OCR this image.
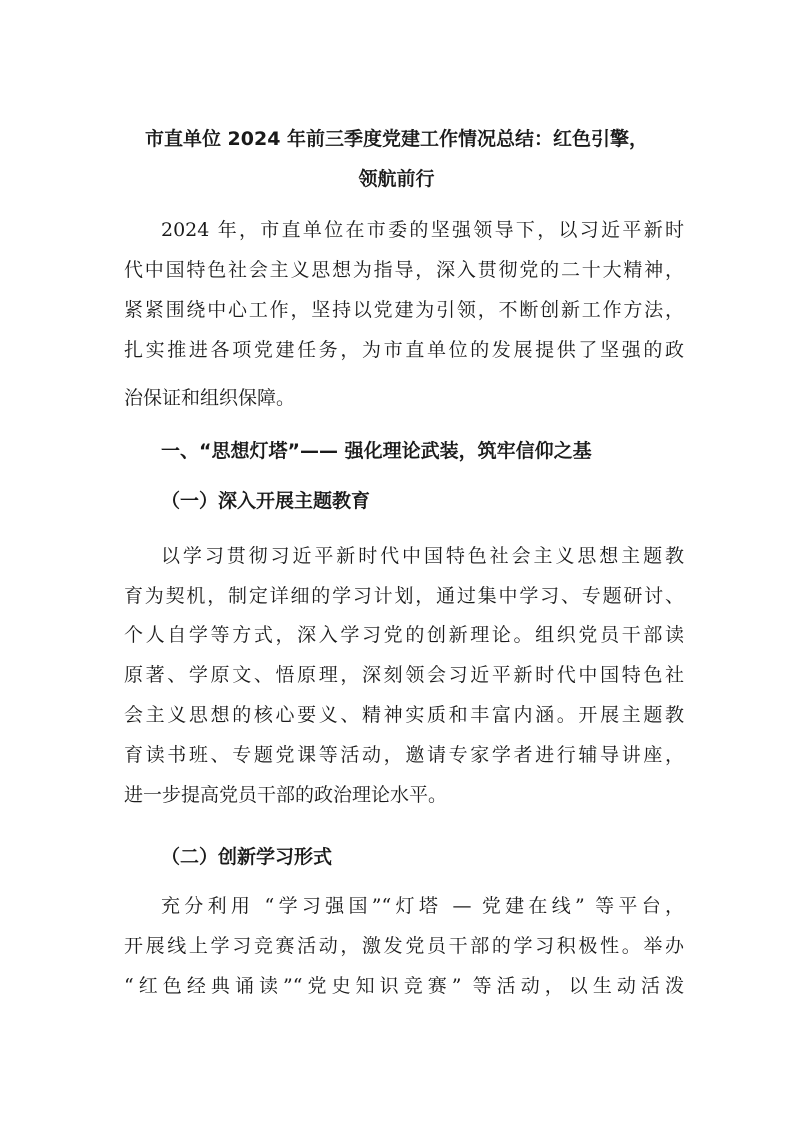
市直单位 2024 年前三季度党建工作情况总结：红色引擎，
领航前行
2024 年，市直单位在市委的坚强领导下，以习近平新时
代中国特色社会主义思想为指导，深入贯彻党的二十大精神，
紧紧围绕中心工作，坚持以党建为引领，不断创新工作方法，
扎实推进各项党建任务，为市直单位的发展提供了坚强的政
治保证和组织保障。
一、“思想灯塔”—— 强化理论武装，筑牢信仰之基
（一）深入开展主题教育
以学习贯彻习近平新时代中国特色社会主义思想主题教
育为契机，制定详细的学习计划，通过集中学习、专题研讨、
个人自学等方式，深入学习党的创新理论。组织党员干部读
原著、学原文、悟原理，深刻领会习近平新时代中国特色社
会主义思想的核心要义、精神实质和丰富内涵。开展主题教
育读书班、专题党课等活动，邀请专家学者进行辅导讲座，
进一步提高党员干部的政治理论水平。
（二）创新学习形式
充分利用 “学习强国”“灯塔 — 党建在线” 等平台，
开展线上学习竞赛活动，激发党员干部的学习积极性。举办
“红色经典诵读”“党史知识竞赛” 等活动，以生动活泼
